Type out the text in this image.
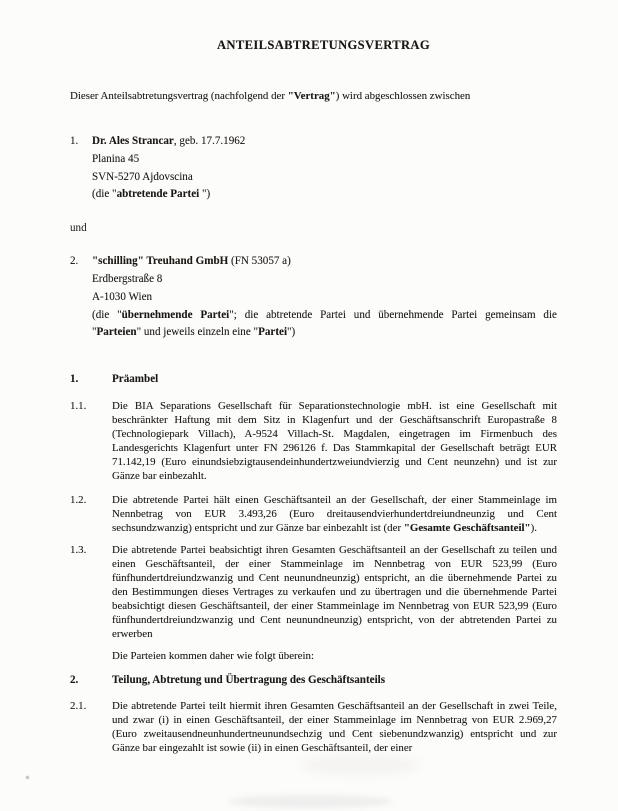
ANTEILSABTRETUNGSVERTRAG
Dieser Anteilsabtretungsvertrag (nachfolgend der "Vertrag") wird abgeschlossen zwischen
1.	Dr. Ales Strancar, geb. 17.7.1962
Planina 45
SVN-5270 Ajdovscina
(die "abtretende Partei ")
und
2.	"schilling" Treuhand GmbH (FN 53057 a)
Erdbergstraße 8
A-1030 Wien
(die "übernehmende Partei"; die abtretende Partei und übernehmende Partei gemeinsam die "Parteien" und jeweils einzeln eine "Partei")
1.	Präambel
1.1.	Die BIA Separations Gesellschaft für Separationstechnologie mbH. ist eine Gesellschaft mit beschränkter Haftung mit dem Sitz in Klagenfurt und der Geschäftsanschrift Europastraße 8 (Technologiepark Villach), A-9524 Villach-St. Magdalen, eingetragen im Firmenbuch des Landesgerichts Klagenfurt unter FN 296126 f. Das Stammkapital der Gesellschaft beträgt EUR 71.142,19 (Euro einundsiebzigtausendeinhundertzweiundvierzig und Cent neunzehn) und ist zur Gänze bar einbezahlt.
1.2.	Die abtretende Partei hält einen Geschäftsanteil an der Gesellschaft, der einer Stammeinlage im Nennbetrag von EUR 3.493,26 (Euro dreitausendvierhundertdreiundneunzig und Cent sechsundzwanzig) entspricht und zur Gänze bar einbezahlt ist (der "Gesamte Geschäftsanteil").
1.3.	Die abtretende Partei beabsichtigt ihren Gesamten Geschäftsanteil an der Gesellschaft zu teilen und einen Geschäftsanteil, der einer Stammeinlage im Nennbetrag von EUR 523,99 (Euro fünfhundertdreiundzwanzig und Cent neunundneunzig) entspricht, an die übernehmende Partei zu den Bestimmungen dieses Vertrages zu verkaufen und zu übertragen und die übernehmende Partei beabsichtigt diesen Geschäftsanteil, der einer Stammeinlage im Nennbetrag von EUR 523,99 (Euro fünfhundertdreiundzwanzig und Cent neunundneunzig) entspricht, von der abtretenden Partei zu erwerben
Die Parteien kommen daher wie folgt überein:
2.	Teilung, Abtretung und Übertragung des Geschäftsanteils
2.1.	Die abtretende Partei teilt hiermit ihren Gesamten Geschäftsanteil an der Gesellschaft in zwei Teile, und zwar (i) in einen Geschäftsanteil, der einer Stammeinlage im Nennbetrag von EUR 2.969,27 (Euro zweitausendneunhundertneunundsechzig und Cent siebenundzwanzig) entspricht und zur Gänze bar eingezahlt ist sowie (ii) in einen Geschäftsanteil, der einer
